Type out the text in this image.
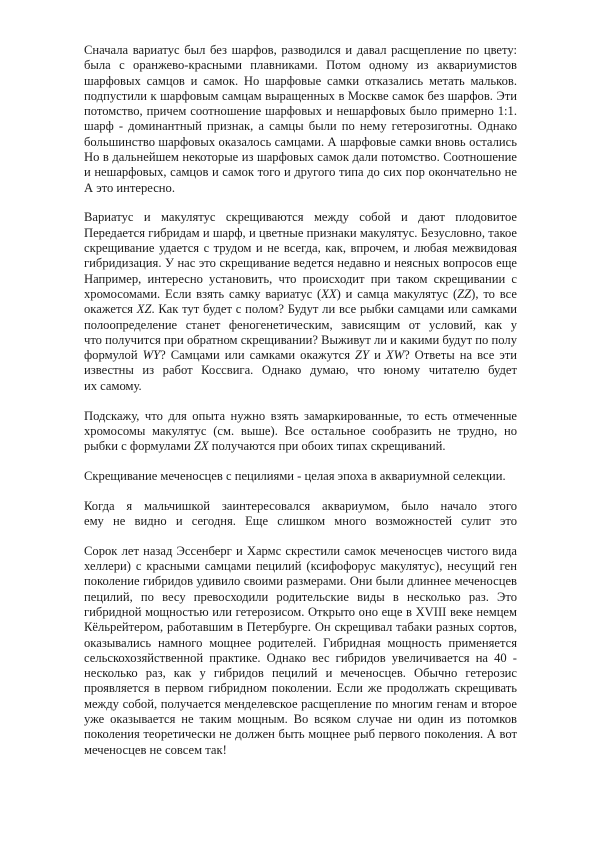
Сначала вариатус был без шарфов, разводился и давал расщепление по цвету:
была с оранжево-красными плавниками. Потом одному из аквариумистов
шарфовых самцов и самок. Но шарфовые самки отказались метать мальков.
подпустили к шарфовым самцам выращенных в Москве самок без шарфов. Эти
потомство, причем соотношение шарфовых и нешарфовых было примерно 1:1.
шарф - доминантный признак, а самцы были по нему гетерозиготны. Однако
большинство шарфовых оказалось самцами. А шарфовые самки вновь остались
Но в дальнейшем некоторые из шарфовых самок дали потомство. Соотношение
и нешарфовых, самцов и самок того и другого типа до сих пор окончательно не
А это интересно.

Вариатус и макулятус скрещиваются между собой и дают плодовитое
Передается гибридам и шарф, и цветные признаки макулятус. Безусловно, такое
скрещивание удается с трудом и не всегда, как, впрочем, и любая межвидовая
гибридизация. У нас это скрещивание ведется недавно и неясных вопросов еще
Например, интересно установить, что происходит при таком скрещивании с
хромосомами. Если взять самку вариатус (XX) и самца макулятус (ZZ), то все
окажется XZ. Как тут будет с полом? Будут ли все рыбки самцами или самками
полоопределение станет феногенетическим, зависящим от условий, как у
что получится при обратном скрещивании? Выживут ли и какими будут по полу
формулой WY? Самцами или самками окажутся ZY и XW? Ответы на все эти
известны из работ Коссвига. Однако думаю, что юному читателю будет
их самому.

Подскажу, что для опыта нужно взять замаркированные, то есть отмеченные
хромосомы макулятус (см. выше). Все остальное сообразить не трудно, но
рыбки с формулами ZX получаются при обоих типах скрещиваний.

Скрещивание меченосцев с пецилиями - целая эпоха в аквариумной селекции.

Когда я мальчишкой заинтересовался аквариумом, было начало этого
ему не видно и сегодня. Еще слишком много возможностей сулит это

Сорок лет назад Эссенберг и Хармс скрестили самок меченосцев чистого вида
хеллери) с красными самцами пецилий (ксифофорус макулятус), несущий ген
поколение гибридов удивило своими размерами. Они были длиннее меченосцев
пецилий, по весу превосходили родительские виды в несколько раз. Это
гибридной мощностью или гетерозисом. Открыто оно еще в XVIII веке немцем
Кёльрейтером, работавшим в Петербурге. Он скрещивал табаки разных сортов,
оказывались намного мощнее родителей. Гибридная мощность применяется
сельскохозяйственной практике. Однако вес гибридов увеличивается на 40 -
несколько раз, как у гибридов пецилий и меченосцев. Обычно гетерозис
проявляется в первом гибридном поколении. Если же продолжать скрещивать
между собой, получается менделевское расщепление по многим генам и второе
уже оказывается не таким мощным. Во всяком случае ни один из потомков
поколения теоретически не должен быть мощнее рыб первого поколения. А вот
меченосцев не совсем так!
